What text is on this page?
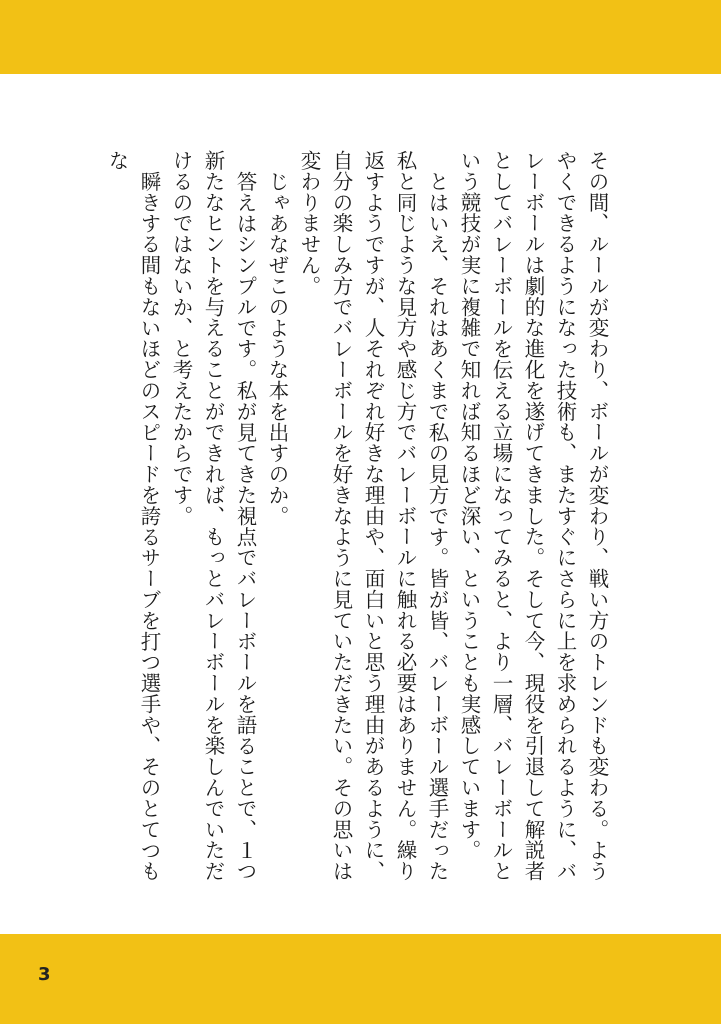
その間、ルールが変わり、ボールが変わり、戦い方のトレンドも変わる。ようやくできるようになった技術も、またすぐにさらに上を求められるように、バレーボールは劇的な進化を遂げてきました。そして今、現役を引退して解説者としてバレーボールを伝える立場になってみると、より一層、バレーボールという競技が実に複雑で知れば知るほど深い、ということも実感しています。

とはいえ、それはあくまで私の見方です。皆が皆、バレーボール選手だった私と同じような見方や感じ方でバレーボールに触れる必要はありません。繰り返すようですが、人それぞれ好きな理由や、面白いと思う理由があるように、自分の楽しみ方でバレーボールを好きなように見ていただきたい。その思いは変わりません。

じゃあなぜこのような本を出すのか。

答えはシンプルです。私が見てきた視点でバレーボールを語ることで、１つ新たなヒントを与えることができれば、もっとバレーボールを楽しんでいただけるのではないか、と考えたからです。

瞬きする間もないほどのスピードを誇るサーブを打つ選手や、そのとてつもな

3
